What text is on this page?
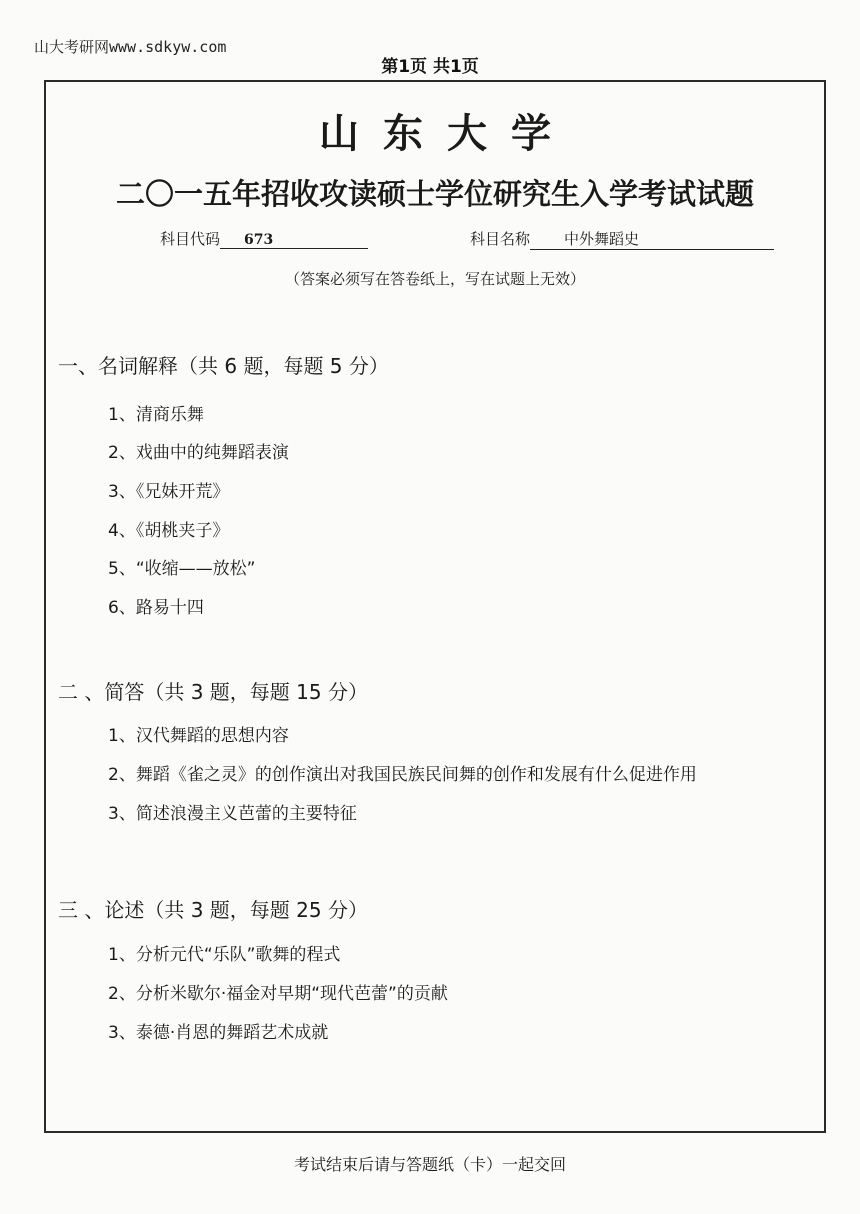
山大考研网www.sdkyw.com
第1页 共1页
山东大学
二〇一五年招收攻读硕士学位研究生入学考试试题
科目代码 673	科目名称 中外舞蹈史
（答案必须写在答卷纸上，写在试题上无效）
一、名词解释（共 6 题，每题 5 分）
1、清商乐舞
2、戏曲中的纯舞蹈表演
3、《兄妹开荒》
4、《胡桃夹子》
5、“收缩——放松”
6、路易十四
二 、简答（共 3 题，每题 15 分）
1、汉代舞蹈的思想内容
2、舞蹈《雀之灵》的创作演出对我国民族民间舞的创作和发展有什么促进作用
3、简述浪漫主义芭蕾的主要特征
三 、论述（共 3 题，每题 25 分）
1、分析元代“乐队”歌舞的程式
2、分析米歇尔·福金对早期“现代芭蕾”的贡献
3、泰德·肖恩的舞蹈艺术成就
考试结束后请与答题纸（卡）一起交回
